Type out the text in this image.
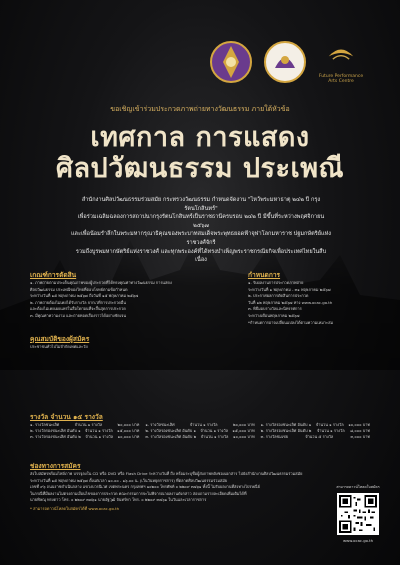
Future Performance Arts Centre
ขอเชิญเข้าร่วมประกวดภาพถ่ายทางวัฒนธรรม ภายใต้หัวข้อ
เทศกาล การแสดง
ศิลปวัฒนธรรม ประเพณี
สำนักงานศิลปวัฒนธรรมร่วมสมัย กระทรวงวัฒนธรรม กำหนดจัดงาน "ไหว้พระมหาธาตุ ๒๔๒ ปี กรุงรัตนโกสินทร์"
เพื่อร่วมเฉลิมฉลองการสถาปนากรุงรัตนโกสินทร์เป็นราชธานีครบรอบ ๒๔๒ ปี มีขึ้นที่ระหว่างพฤศจิกายน ๒๕๖๗
และเพื่อน้อมรำลึกในพระมหากรุณาธิคุณของพระบาทสมเด็จพระพุทธยอดฟ้าจุฬาโลกมหาราช ปฐมกษัตริย์แห่งราชวงศ์จักรี
รวมถึงบูรพมหากษัตริย์แห่งราชวงศ์ และทุกพระองค์ที่ได้ทรงบำเพ็ญพระราชกรณียกิจเพื่อประเทศไทยในสืบเนื่อง
เกณฑ์การตัดสิน
๑. ภาพถ่ายตามประเด็นคุณภาพของผู้ประกวดที่ได้ทรงคุณค่าทางวัฒนธรรม การแสดง
ศิลปวัฒนธรรม ประเพณีของไทยที่ตอบโจทย์ตามข้อกำหนด
ระหว่างวันที่ ๑๕ พฤษภาคม ๒๕๖๗ ถึงวันที่ ๑๕ พฤษภาคม ๒๕๖๗
๒. ภาพถ่ายต้องไม่เคยได้รับรางวัล จากเวทีการประกวดอื่น
และต้องไม่เคยเผยแพร่ในสื่อใดก่อนที่จะสิ้นสุดการประกวด
๓. มีคุณค่าความงาม และถ่ายทอดเรื่องราวได้อย่างชัดเจน
กำหนดการ
๑. รับผลงานการประกวดภาพถ่าย
ระหว่างวันที่ ๑ พฤษภาคม - ๓๑ พฤษภาคม ๒๕๖๗
๒. ประกาศผลการตัดสินการประกวด
วันที่ ๑๒ พฤษภาคม ๒๕๖๗ ทาง www.ocac.go.th
๓. พิธีมอบรางวัลและนิทรรศการ
ระหว่างเดือนพฤษภาคม ๒๕๖๗
*กำหนดการอาจเปลี่ยนแปลงได้ตามความเหมาะสม
คุณสมบัติของผู้สมัคร
ประชาชนทั่วไปไม่จำกัดเพศและวัย
รางวัล จำนวน ๑๕ รางวัล
๑. รางวัลชนะเลิศ	จำนวน ๑ รางวัล	๒๐,๐๐๐ บาท
๒. รางวัลรองชนะเลิศ อันดับ ๑ จำนวน ๑ รางวัล ๑๕,๐๐๐ บาท
๓. รางวัลรองชนะเลิศ อันดับ ๒ จำนวน ๑ รางวัล ๑๐,๐๐๐ บาท
๑. รางวัลชนะเลิศ	จำนวน ๑ รางวัล	๒๐,๐๐๐ บาท
๒. รางวัลรองชนะเลิศ อันดับ ๑ จำนวน ๑ รางวัล ๑๕,๐๐๐ บาท
๓. รางวัลรองชนะเลิศ อันดับ ๒ จำนวน ๑ รางวัล ๑๐,๐๐๐ บาท
๑. รางวัลรองชนะเลิศ อันดับ ๑ จำนวน ๑ รางวัล ๑๐,๐๐๐ บาท
๒. รางวัลรองชนะเลิศ อันดับ ๒ จำนวน ๑ รางวัล ๘,๐๐๐ บาท
๓. รางวัลชมเชย	จำนวน ๕ รางวัล	๓,๐๐๐ บาท
ช่องทางการสมัคร
ส่งใบสมัครพร้อมไฟล์ภาพ บรรจุลงใน CD หรือ DVD หรือ Flash Drive ระหว่างวันที่ ถึง พร้อมระบุชื่อผู้ส่งภาพหลังซองเอกสาร ไปยังสำนักงานศิลปวัฒนธรรมร่วมสมัย
ระหว่างวันที่ ๑๕ พฤษภาคม ๒๕๖๗ ตั้งแต่เวลา ๑๐.๐๐ - ๑๖.๐๐ น. (เว้นวันหยุดราชการ) ที่ตลาดศิลปวัฒนธรรมร่วมสมัย
เลขที่ ๙๖ ถนนราชดำเนินกลาง แขวงบวรนิเวศ เขตพระนคร กรุงเทพฯ ๑๐๒๐๐ โทรศัพท์ ๐ ๒๒๐๙ ๓๗๖๑ ทั้งนี้ ไม่รับผลงานที่ส่งทางไปรษณีย์
ในกรณีที่มีผลงานไม่ตรงตามเงื่อนไขของการประกวด คณะกรรมการจะไม่พิจารณาผลงานดังกล่าว สอบถามรายละเอียดเพิ่มเติมได้ที่
นายพิษณุ ทรงดาว โทร. ๐ ๒๒๐๙ ๓๗๖๑ นายอัฐวุฒิ จันทร์ทา โทร. ๐ ๒๒๐๙ ๓๗๖๑ ในวันและเวลาราชการ
* สามารถดาวน์โหลดใบสมัครได้ที่ www.ocac.go.th
สามารถดาวน์โหลดใบสมัคร
www.ocac.go.th
